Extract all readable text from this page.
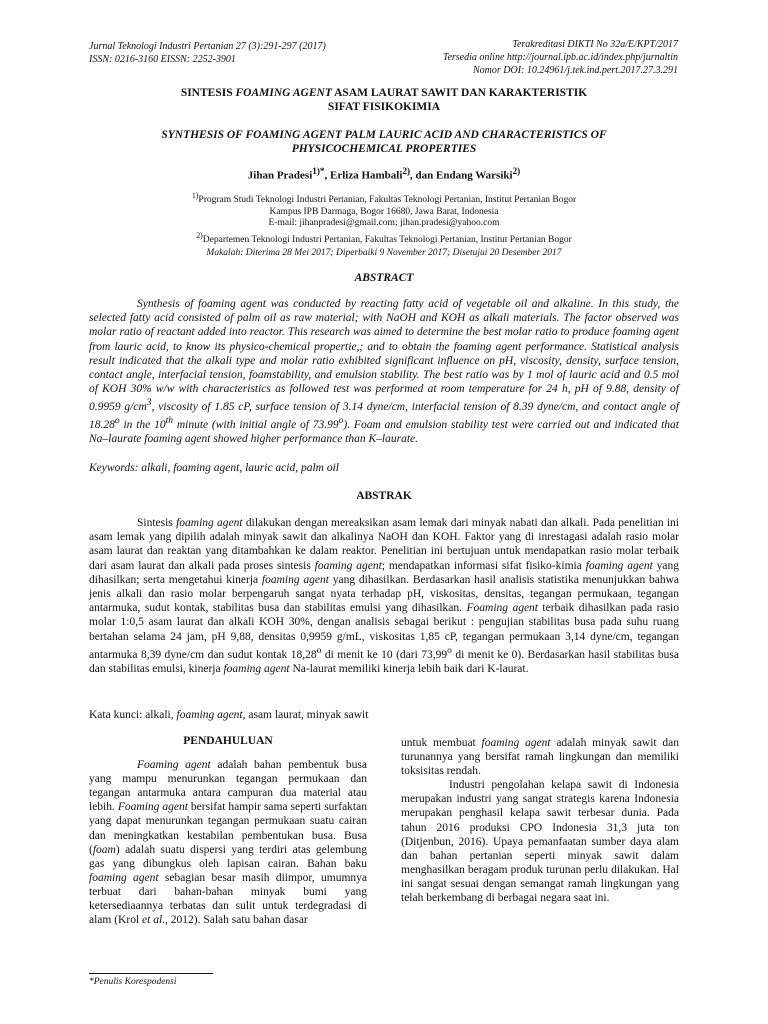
Jurnal Teknologi Industri Pertanian 27 (3):291-297 (2017)
ISSN: 0216-3160 EISSN: 2252-3901
Terakreditasi DIKTI No 32a/E/KPT/2017
Tersedia online http://journal.ipb.ac.id/index.php/jurnaltin
Nomor DOI: 10.24961/j.tek.ind.pert.2017.27.3.291
SINTESIS FOAMING AGENT ASAM LAURAT SAWIT DAN KARAKTERISTIK
SIFAT FISIKOKIMIA
SYNTHESIS OF FOAMING AGENT PALM LAURIC ACID AND CHARACTERISTICS OF
PHYSICOCHEMICAL PROPERTIES
Jihan Pradesi$^{1)*}$, Erliza Hambali$^{2)}$, dan Endang Warsiki$^{2)}$
$^{1)}$Program Studi Teknologi Industri Pertanian, Fakultas Teknologi Pertanian, Institut Pertanian Bogor
Kampus IPB Darmaga, Bogor 16680, Jawa Barat, Indonesia
E-mail: jihanpradesi@gmail.com; jihan.pradesi@yahoo.com
$^{2)}$Departemen Teknologi Industri Pertanian, Fakultas Teknologi Pertanian, Institut Pertanian Bogor
Makalah: Diterima 28 Mei 2017; Diperbaiki 9 November 2017; Disetujui 20 Desember 2017
ABSTRACT

Synthesis of foaming agent was conducted by reacting fatty acid of vegetable oil and alkaline. In this study, the selected fatty acid consisted of palm oil as raw material; with NaOH and KOH as alkali materials. The factor observed was molar ratio of reactant added into reactor. This research was aimed to determine the best molar ratio to produce foaming agent from lauric acid, to know its physico-chemical propertie,; and to obtain the foaming agent performance. Statistical analysis result indicated that the alkali type and molar ratio exhibited significant influence on pH, viscosity, density, surface tension, contact angle, interfacial tension, foamstability, and emulsion stability. The best ratio was by 1 mol of lauric acid and 0.5 mol of KOH 30% w/w with characteristics as followed test was performed at room temperature for 24 h, pH of 9.88, density of 0.9959 $g/cm^3$, viscosity of 1.85 cP, surface tension of 3.14 dyne/cm, interfacial tension of 8.39 dyne/cm, and contact angle of 18.28$^o$ in the 10th minute (with initial angle of 73.99$^o$). Foam and emulsion stability test were carried out and indicated that Na–laurate foaming agent showed higher performance than K–laurate.

Keywords: alkali, foaming agent, lauric acid, palm oil
ABSTRAK

Sintesis foaming agent dilakukan dengan mereaksikan asam lemak dari minyak nabati dan alkali. Pada penelitian ini asam lemak yang dipilih adalah minyak sawit dan alkalinya NaOH dan KOH. Faktor yang di inrestagasi adalah rasio molar asam laurat dan reaktan yang ditambahkan ke dalam reaktor. Penelitian ini bertujuan untuk mendapatkan rasio molar terbaik dari asam laurat dan alkali pada proses sintesis foaming agent; mendapatkan informasi sifat fisiko-kimia foaming agent yang dihasilkan; serta mengetahui kinerja foaming agent yang dihasilkan. Berdasarkan hasil analisis statistika menunjukkan bahwa jenis alkali dan rasio molar berpengaruh sangat nyata terhadap pH, viskositas, densitas, tegangan permukaan, tegangan antarmuka, sudut kontak, stabilitas busa dan stabilitas emulsi yang dihasilkan. Foaming agent terbaik dihasilkan pada rasio molar 1:0,5 asam laurat dan alkali KOH 30%, dengan analisis sebagai berikut : pengujian stabilitas busa pada suhu ruang bertahan selama 24 jam, pH 9,88, densitas 0,9959 g/mL, viskositas 1,85 cP, tegangan permukaan 3,14 dyne/cm, tegangan antarmuka 8,39 dyne/cm dan sudut kontak 18,28$^o$ di menit ke 10 (dari 73,99$^o$ di menit ke 0). Berdasarkan hasil stabilitas busa dan stabilitas emulsi, kinerja foaming agent Na-laurat memiliki kinerja lebih baik dari K-laurat.

Kata kunci: alkali, foaming agent, asam laurat, minyak sawit
PENDAHULUAN

Foaming agent adalah bahan pembentuk busa yang mampu menurunkan tegangan permukaan dan tegangan antarmuka antara campuran dua material atau lebih. Foaming agent bersifat hampir sama seperti surfaktan yang dapat menurunkan tegangan permukaan suatu cairan dan meningkatkan kestabilan pembentukan busa. Busa (foam) adalah suatu dispersi yang terdiri atas gelembung gas yang dibungkus oleh lapisan cairan. Bahan baku foaming agent sebagian besar masih diimpor, umumnya terbuat dari bahan-bahan minyak bumi yang ketersediaannya terbatas dan sulit untuk terdegradasi di alam (Krol et al., 2012). Salah satu bahan dasar

untuk membuat foaming agent adalah minyak sawit dan turunannya yang bersifat ramah lingkungan dan memiliki toksisitas rendah.

Industri pengolahan kelapa sawit di Indonesia merupakan industri yang sangat strategis karena Indonesia merupakan penghasil kelapa sawit terbesar dunia. Pada tahun 2016 produksi CPO Indonesia 31,3 juta ton (Ditjenbun, 2016). Upaya pemanfaatan sumber daya alam dan bahan pertanian seperti minyak sawit dalam menghasilkan beragam produk turunan perlu dilakukan. Hal ini sangat sesuai dengan semangat ramah lingkungan yang telah berkembang di berbagai negara saat ini.

*Penulis Korespodensi
